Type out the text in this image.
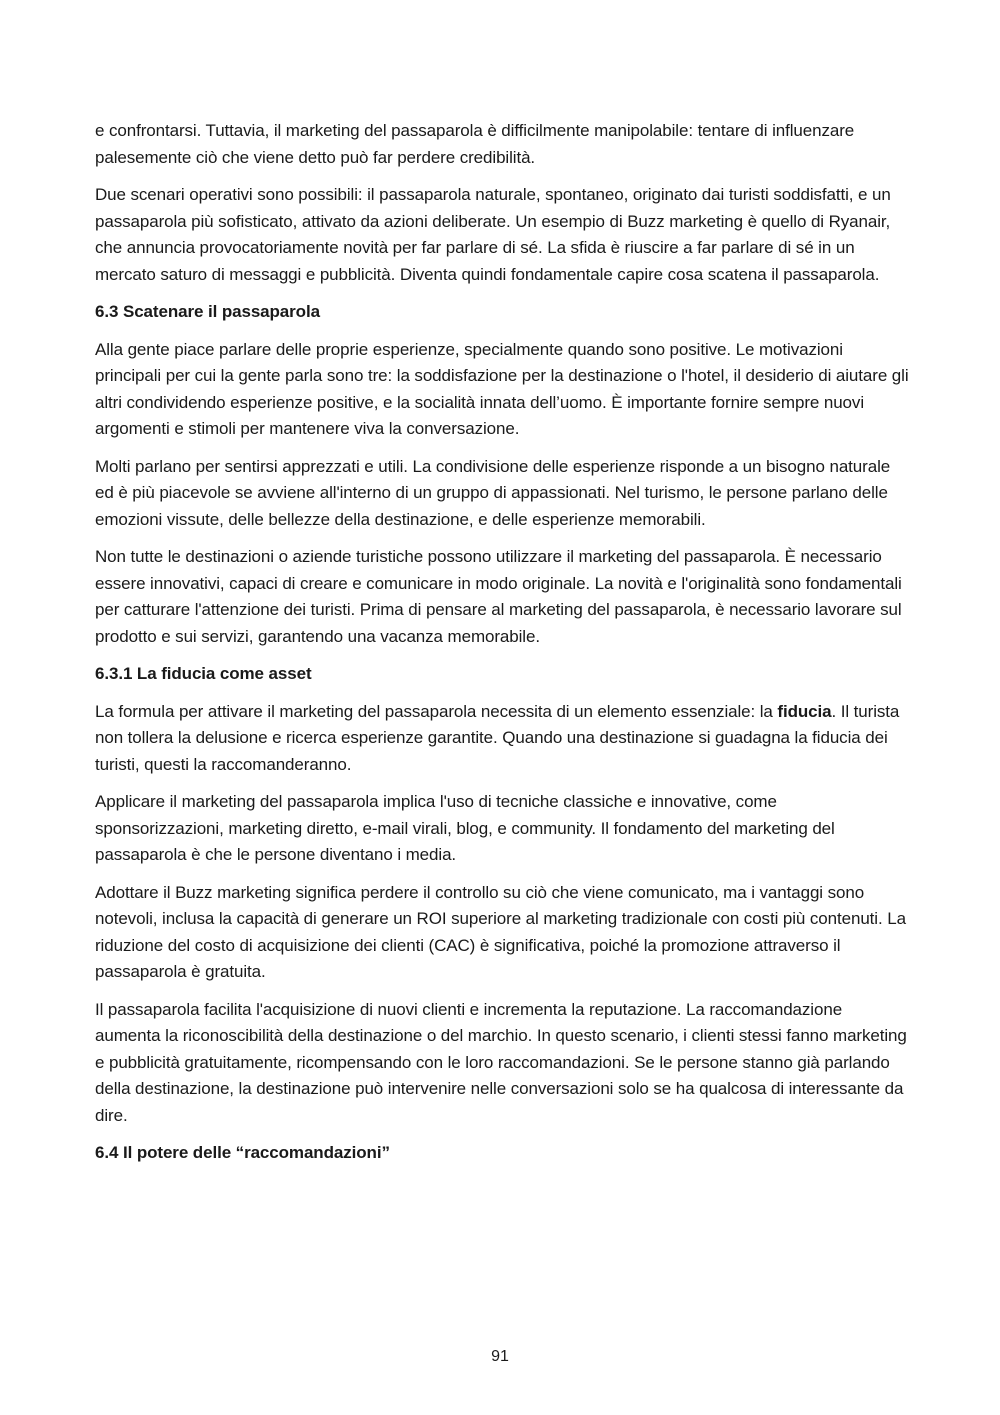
e confrontarsi. Tuttavia, il marketing del passaparola è difficilmente manipolabile: tentare di influenzare palesemente ciò che viene detto può far perdere credibilità.

Due scenari operativi sono possibili: il passaparola naturale, spontaneo, originato dai turisti soddisfatti, e un passaparola più sofisticato, attivato da azioni deliberate. Un esempio di Buzz marketing è quello di Ryanair, che annuncia provocatoriamente novità per far parlare di sé. La sfida è riuscire a far parlare di sé in un mercato saturo di messaggi e pubblicità. Diventa quindi fondamentale capire cosa scatena il passaparola.

6.3 Scatenare il passaparola

Alla gente piace parlare delle proprie esperienze, specialmente quando sono positive. Le motivazioni principali per cui la gente parla sono tre: la soddisfazione per la destinazione o l'hotel, il desiderio di aiutare gli altri condividendo esperienze positive, e la socialità innata dell’uomo. È importante fornire sempre nuovi argomenti e stimoli per mantenere viva la conversazione.

Molti parlano per sentirsi apprezzati e utili. La condivisione delle esperienze risponde a un bisogno naturale ed è più piacevole se avviene all'interno di un gruppo di appassionati. Nel turismo, le persone parlano delle emozioni vissute, delle bellezze della destinazione, e delle esperienze memorabili.

Non tutte le destinazioni o aziende turistiche possono utilizzare il marketing del passaparola. È necessario essere innovativi, capaci di creare e comunicare in modo originale. La novità e l'originalità sono fondamentali per catturare l'attenzione dei turisti. Prima di pensare al marketing del passaparola, è necessario lavorare sul prodotto e sui servizi, garantendo una vacanza memorabile.

6.3.1 La fiducia come asset

La formula per attivare il marketing del passaparola necessita di un elemento essenziale: la fiducia. Il turista non tollera la delusione e ricerca esperienze garantite. Quando una destinazione si guadagna la fiducia dei turisti, questi la raccomanderanno.

Applicare il marketing del passaparola implica l'uso di tecniche classiche e innovative, come sponsorizzazioni, marketing diretto, e-mail virali, blog, e community. Il fondamento del marketing del passaparola è che le persone diventano i media.

Adottare il Buzz marketing significa perdere il controllo su ciò che viene comunicato, ma i vantaggi sono notevoli, inclusa la capacità di generare un ROI superiore al marketing tradizionale con costi più contenuti. La riduzione del costo di acquisizione dei clienti (CAC) è significativa, poiché la promozione attraverso il passaparola è gratuita.

Il passaparola facilita l'acquisizione di nuovi clienti e incrementa la reputazione. La raccomandazione aumenta la riconoscibilità della destinazione o del marchio. In questo scenario, i clienti stessi fanno marketing e pubblicità gratuitamente, ricompensando con le loro raccomandazioni. Se le persone stanno già parlando della destinazione, la destinazione può intervenire nelle conversazioni solo se ha qualcosa di interessante da dire.

6.4 Il potere delle “raccomandazioni”

91
